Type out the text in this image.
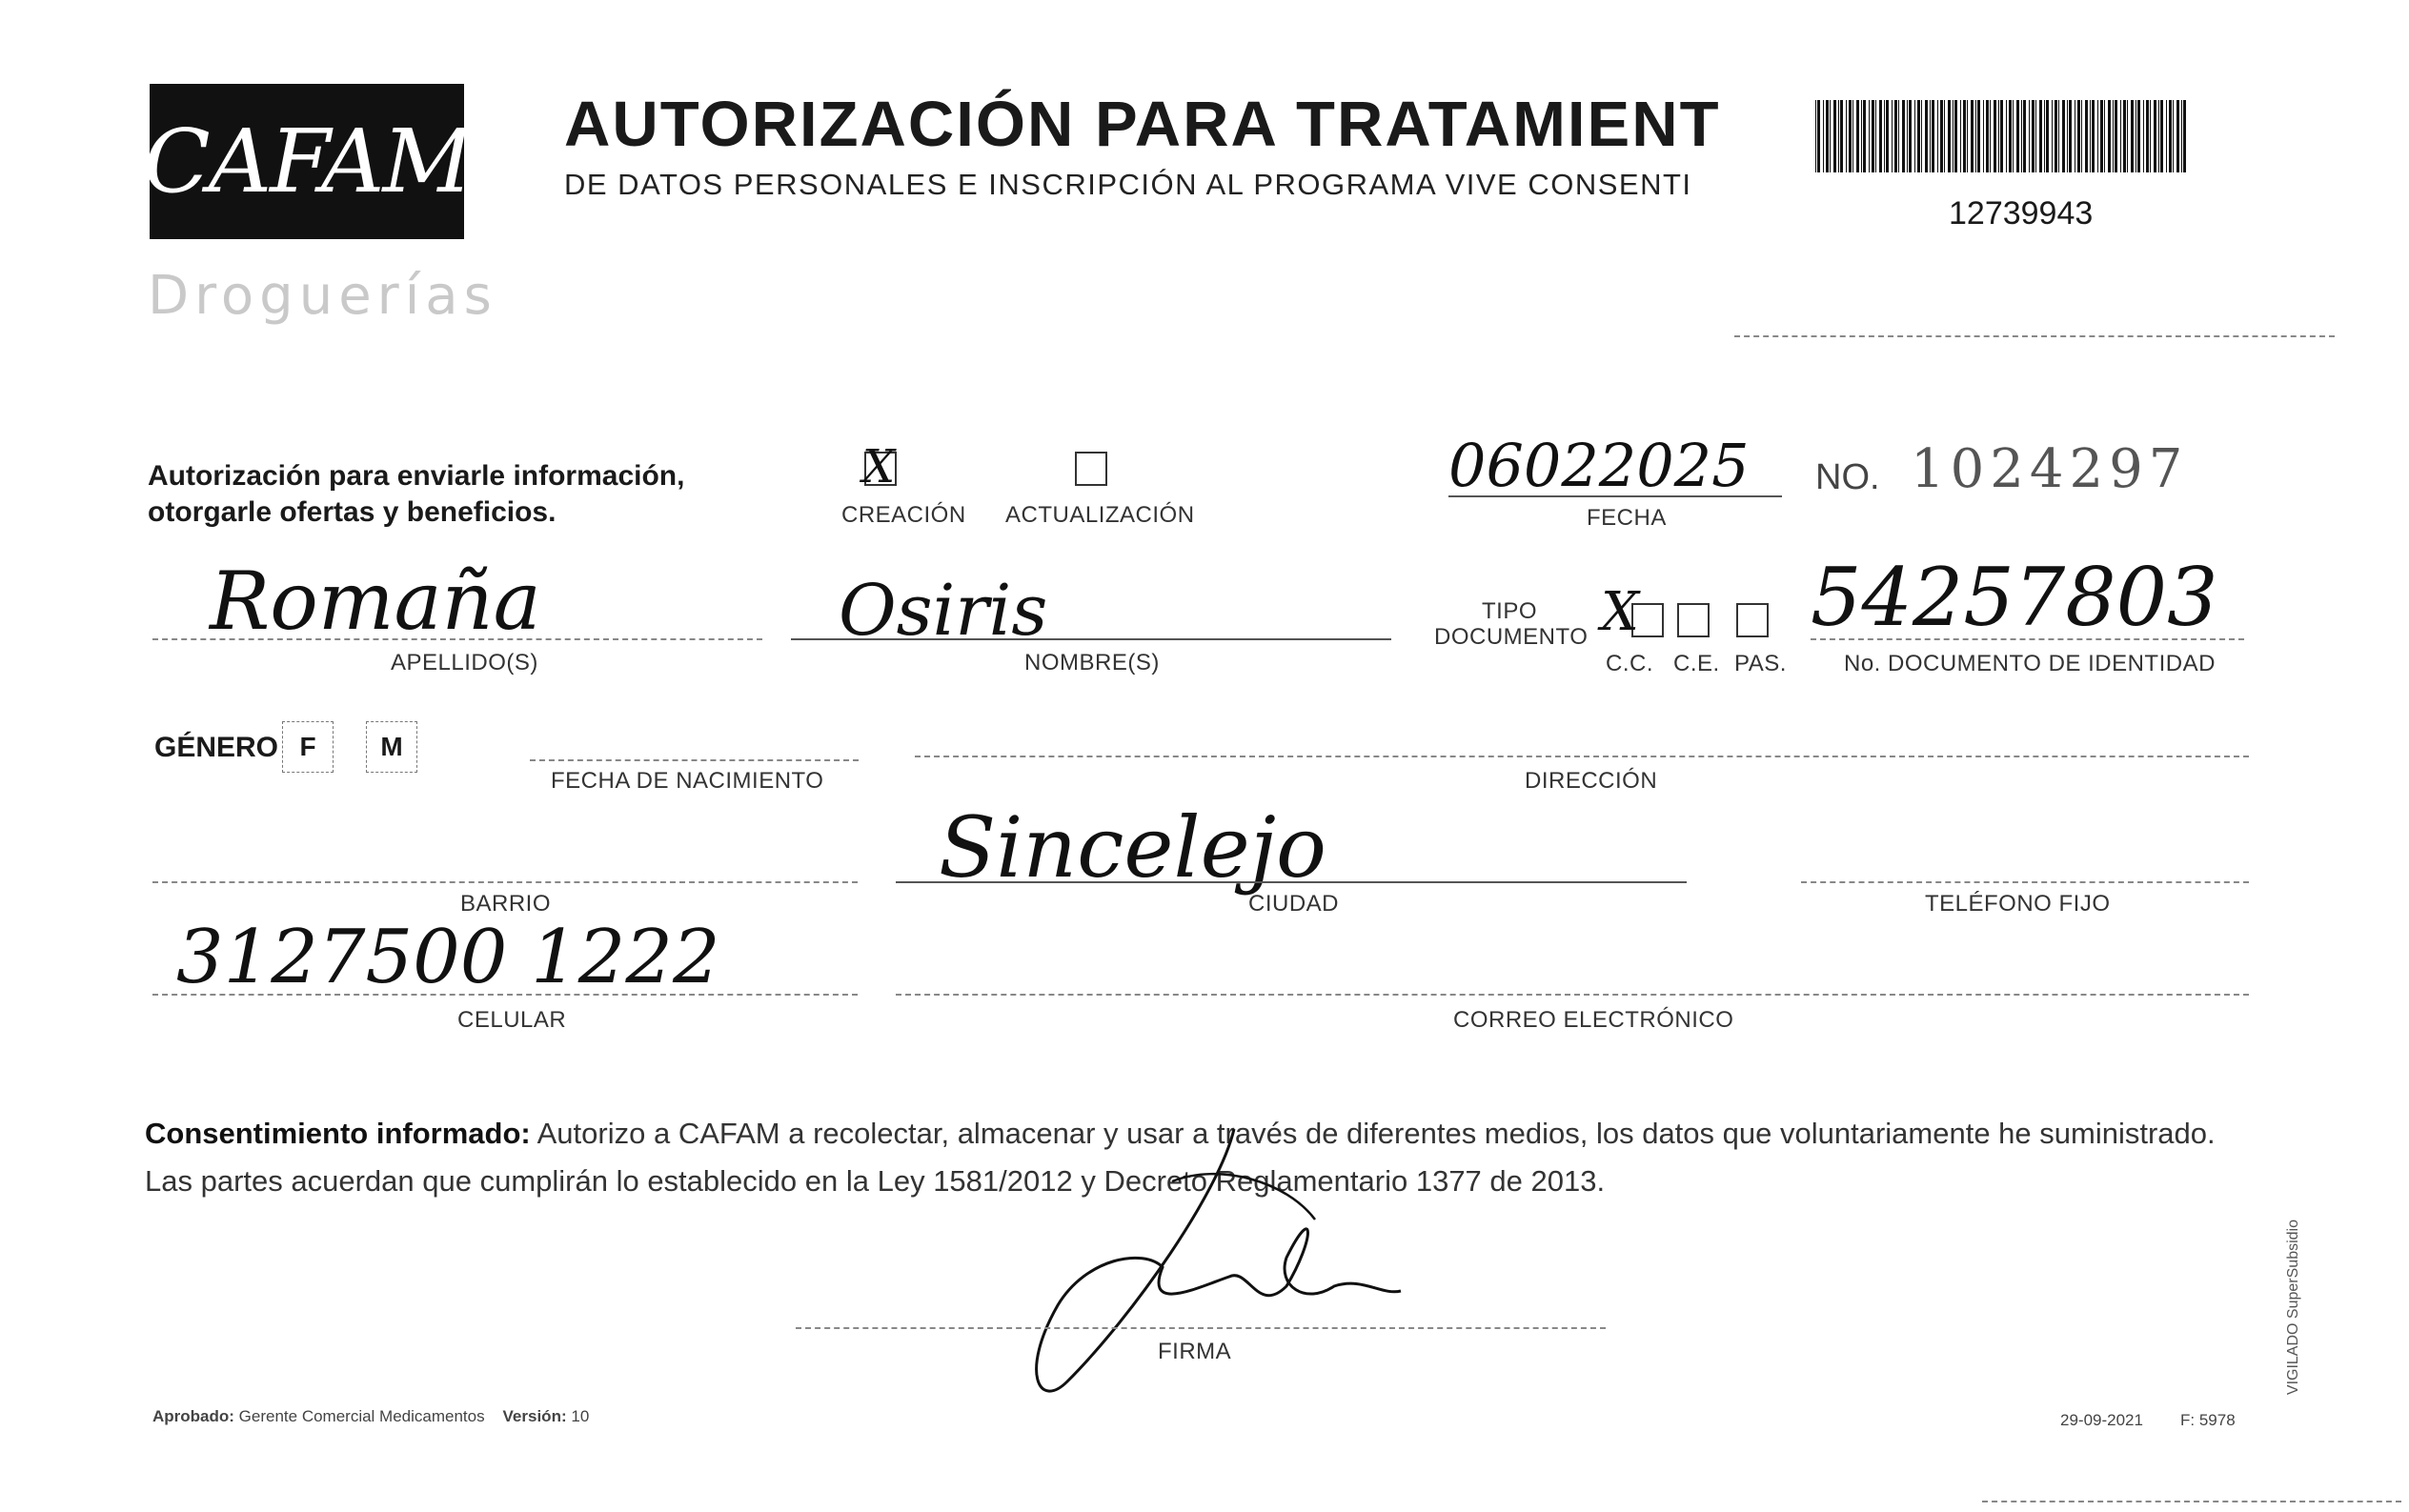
CAFAM
Droguerías
AUTORIZACIÓN PARA TRATAMIENT
DE DATOS PERSONALES E INSCRIPCIÓN AL PROGRAMA VIVE CONSENTI
12739943
Autorización para enviarle información,
otorgarle ofertas y beneficios.
X
CREACIÓN ACTUALIZACIÓN
06022025
FECHA
NO. 1024297
Romaña
APELLIDO(S)
Osiris
NOMBRE(S)
TIPO
DOCUMENTO X
C.C. C.E. PAS.
54257803
No. DOCUMENTO DE IDENTIDAD
GÉNERO F M
FECHA DE NACIMIENTO	DIRECCIÓN
BARRIO
Sincelejo
CIUDAD	TELÉFONO FIJO
3127500 1222
CELULAR	CORREO ELECTRÓNICO
Consentimiento informado: Autorizo a CAFAM a recolectar, almacenar y usar a través de diferentes medios, los datos que voluntariamente he suministrado.
Las partes acuerdan que cumplirán lo establecido en la Ley 1581/2012 y Decreto Reglamentario 1377 de 2013.
FIRMA
Aprobado: Gerente Comercial Medicamentos Versión: 10	29-09-2021 F: 5978
VIGILADO SuperSubsidio
